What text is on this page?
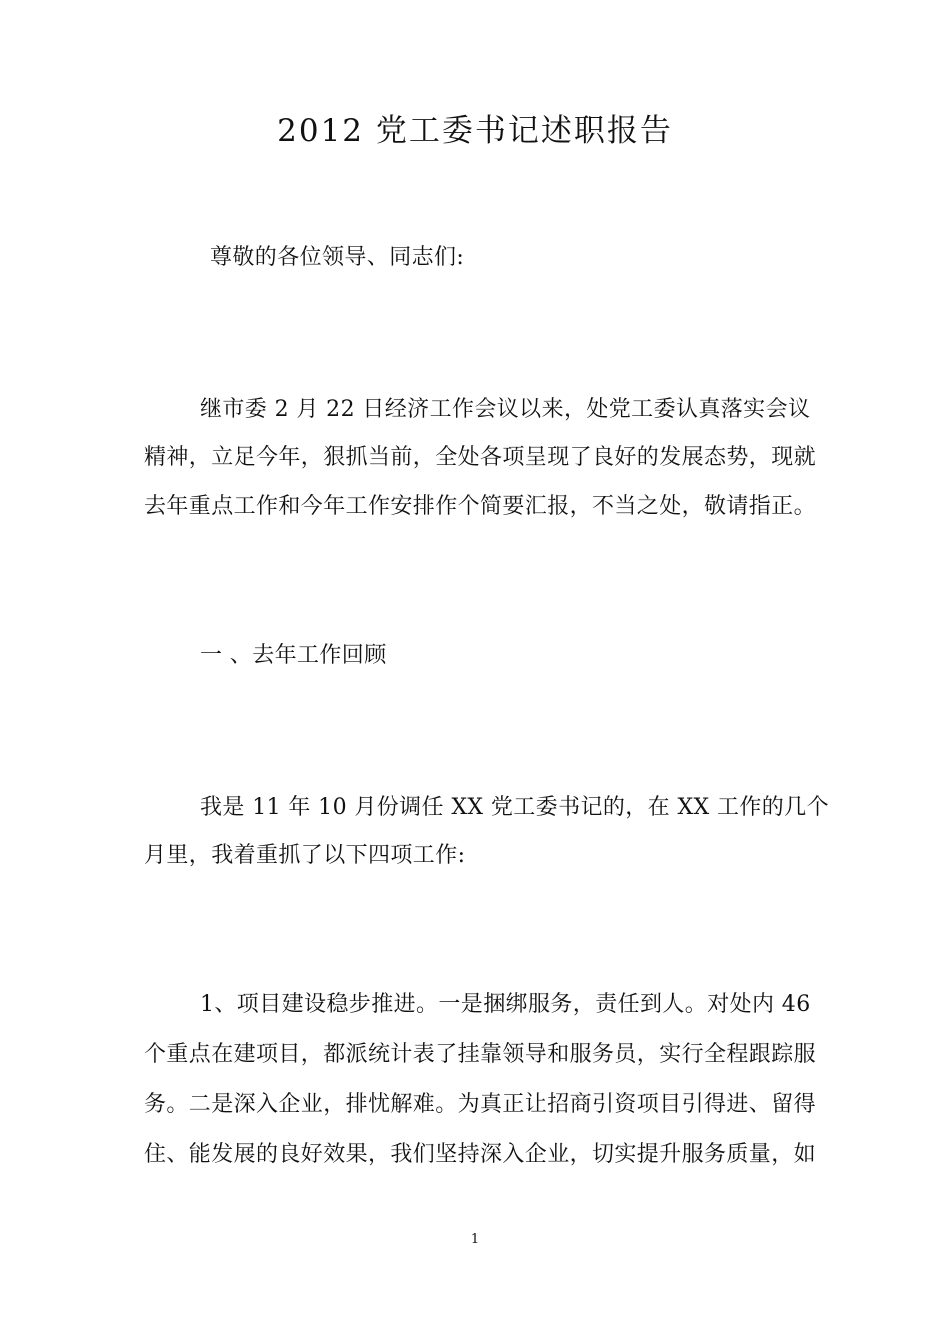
2012 党工委书记述职报告
尊敬的各位领导、同志们:
继市委 2 月 22 日经济工作会议以来，处党工委认真落实会议
精神，立足今年，狠抓当前，全处各项呈现了良好的发展态势，现就
去年重点工作和今年工作安排作个简要汇报，不当之处，敬请指正。
一 、去年工作回顾
我是 11 年 10 月份调任 XX 党工委书记的，在 XX 工作的几个
月里，我着重抓了以下四项工作:
1、项目建设稳步推进。一是捆绑服务，责任到人。对处内 46
个重点在建项目，都派统计表了挂靠领导和服务员，实行全程跟踪服
务。二是深入企业，排忧解难。为真正让招商引资项目引得进、留得
住、能发展的良好效果，我们坚持深入企业，切实提升服务质量，如
1
